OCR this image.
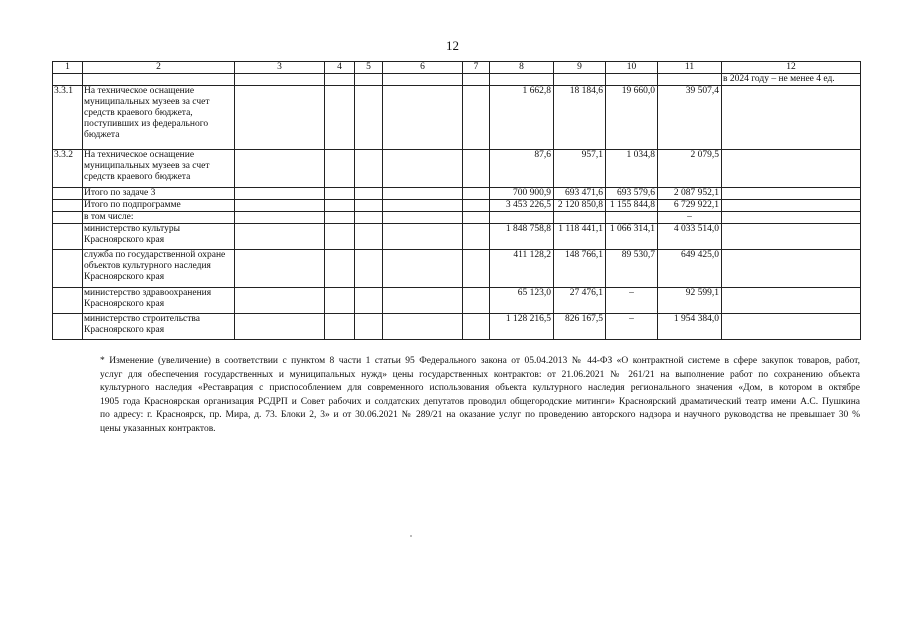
12
1	2	3	4	5	6	7	8	9	10	11	12
											в 2024 году – не менее 4 ед.
3.3.1	На техническое оснащение муниципальных музеев за счет средств краевого бюджета, поступивших из федерального бюджета						1 662,8	18 184,6	19 660,0	39 507,4	
3.3.2	На техническое оснащение муниципальных музеев за счет средств краевого бюджета						87,6	957,1	1 034,8	2 079,5	
	Итого по задаче 3						700 900,9	693 471,6	693 579,6	2 087 952,1	
	Итого по подпрограмме						3 453 226,5	2 120 850,8	1 155 844,8	6 729 922,1	
	в том числе:									–	
	министерство культуры Красноярского края						1 848 758,8	1 118 441,1	1 066 314,1	4 033 514,0	
	служба по государственной охране объектов культурного наследия Красноярского края						411 128,2	148 766,1	89 530,7	649 425,0	
	министерство здравоохранения Красноярского края						65 123,0	27 476,1	–	92 599,1	
	министерство строительства Красноярского края						1 128 216,5	826 167,5	–	1 954 384,0	
* Изменение (увеличение) в соответствии с пунктом 8 части 1 статьи 95 Федерального закона от 05.04.2013 № 44-ФЗ «О контрактной системе в сфере закупок товаров, работ,
услуг для обеспечения государственных и муниципальных нужд» цены государственных контрактов: от 21.06.2021 № 261/21 на выполнение работ по сохранению объекта
культурного наследия «Реставрация с приспособлением для современного использования объекта культурного наследия регионального значения «Дом, в котором в октябре
1905 года Красноярская организация РСДРП и Совет рабочих и солдатских депутатов проводил общегородские митинги» Красноярский драматический театр имени А.С. Пушкина
по адресу: г. Красноярск, пр. Мира, д. 73. Блоки 2, 3» и от 30.06.2021 № 289/21 на оказание услуг по проведению авторского надзора и научного руководства не превышает 30 %
цены указанных контрактов.
